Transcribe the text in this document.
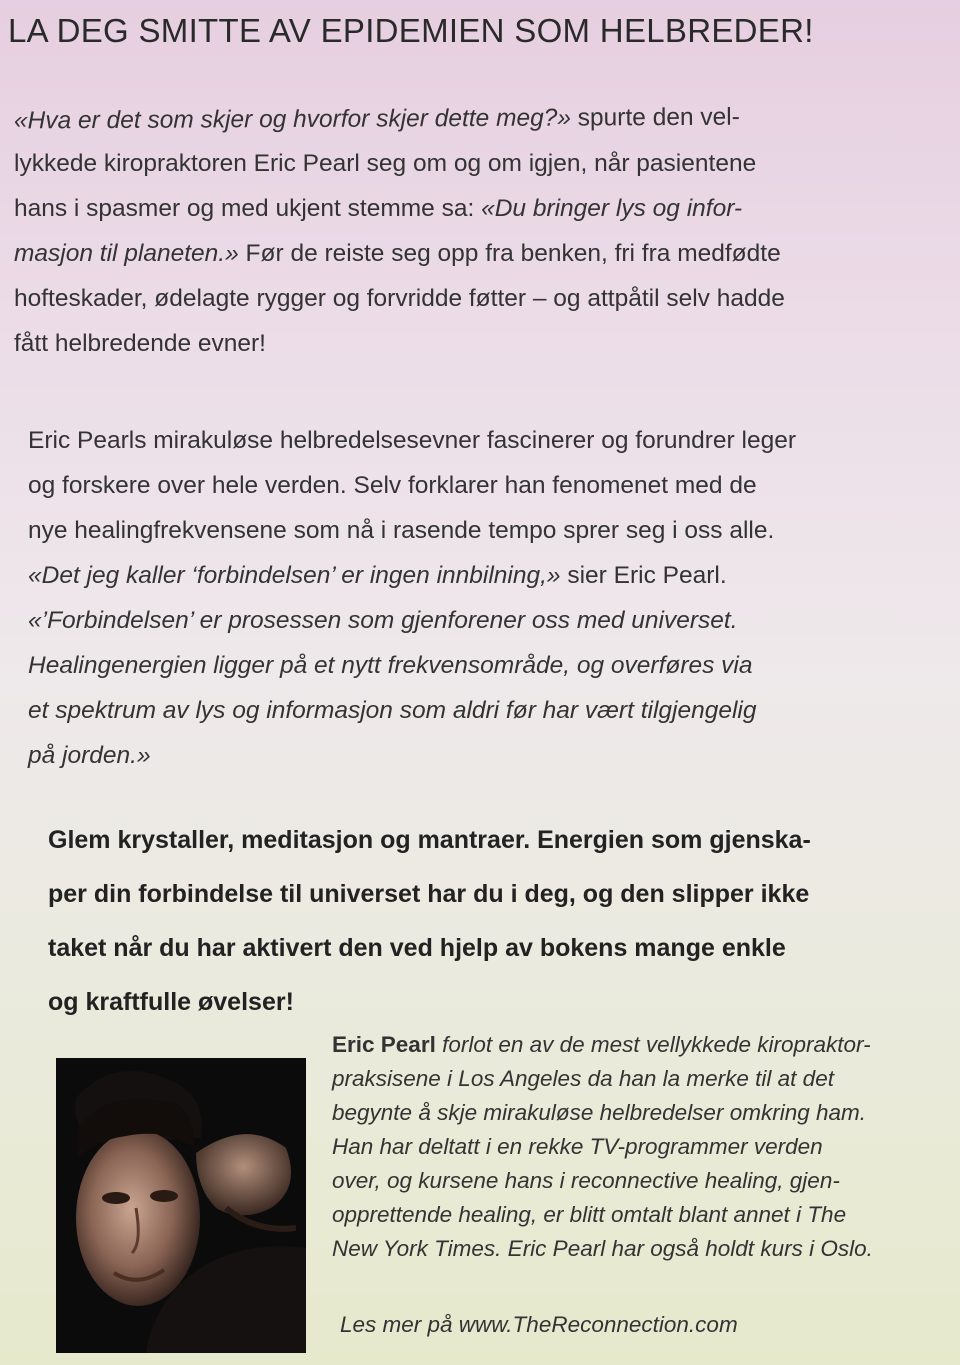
LA DEG SMITTE AV EPIDEMIEN SOM HELBREDER!
«Hva er det som skjer og hvorfor skjer dette meg?» spurte den vel-
lykkede kiropraktoren Eric Pearl seg om og om igjen, når pasientene
hans i spasmer og med ukjent stemme sa: «Du bringer lys og infor-
masjon til planeten.» Før de reiste seg opp fra benken, fri fra medfødte
hofteskader, ødelagte rygger og forvridde føtter – og attpåtil selv hadde
fått helbredende evner!
Eric Pearls mirakuløse helbredelsesevner fascinerer og forundrer leger
og forskere over hele verden. Selv forklarer han fenomenet med de
nye healingfrekvensene som nå i rasende tempo sprer seg i oss alle.
«Det jeg kaller ‘forbindelsen’ er ingen innbilning,» sier Eric Pearl.
«’Forbindelsen’ er prosessen som gjenforener oss med universet.
Healingenergien ligger på et nytt frekvensområde, og overføres via
et spektrum av lys og informasjon som aldri før har vært tilgjengelig
på jorden.»
Glem krystaller, meditasjon og mantraer. Energien som gjenska-
per din forbindelse til universet har du i deg, og den slipper ikke
taket når du har aktivert den ved hjelp av bokens mange enkle
og kraftfulle øvelser!
Eric Pearl forlot en av de mest vellykkede kiropraktor-
praksisene i Los Angeles da han la merke til at det
begynte å skje mirakuløse helbredelser omkring ham.
Han har deltatt i en rekke TV-programmer verden
over, og kursene hans i reconnective healing, gjen-
opprettende healing, er blitt omtalt blant annet i The
New York Times. Eric Pearl har også holdt kurs i Oslo.
Les mer på www.TheReconnection.com
